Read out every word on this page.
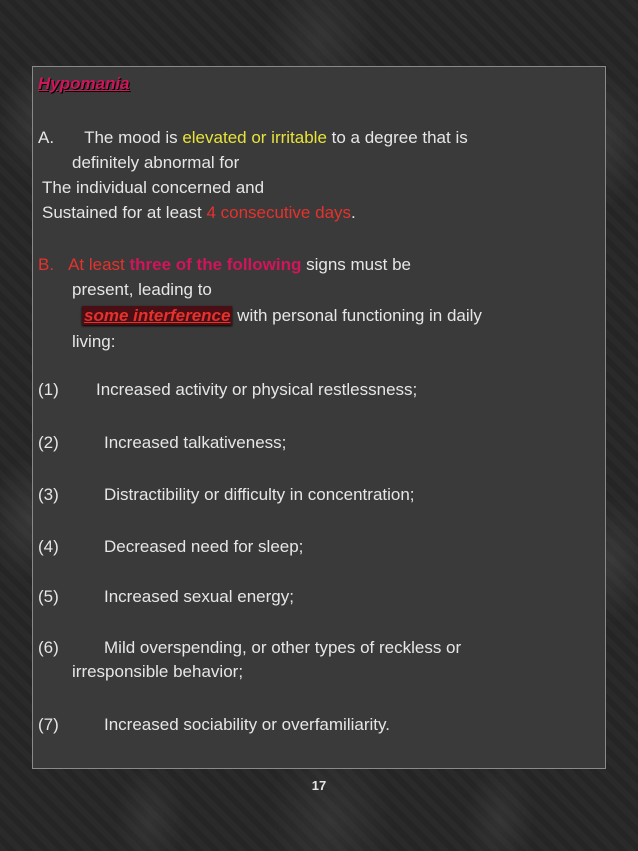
Hypomania
A. The mood is elevated or irritable to a degree that is
definitely abnormal for
The individual concerned and
Sustained for at least 4 consecutive days.
B. At least three of the following signs must be
present, leading to
some interference with personal functioning in daily
living:
(1) Increased activity or physical restlessness;
(2)	Increased talkativeness;
(3)	Distractibility or difficulty in concentration;
(4)	Decreased need for sleep;
(5)	Increased sexual energy;
(6)	Mild overspending, or other types of reckless or
irresponsible behavior;
(7)	Increased sociability or overfamiliarity.
17
